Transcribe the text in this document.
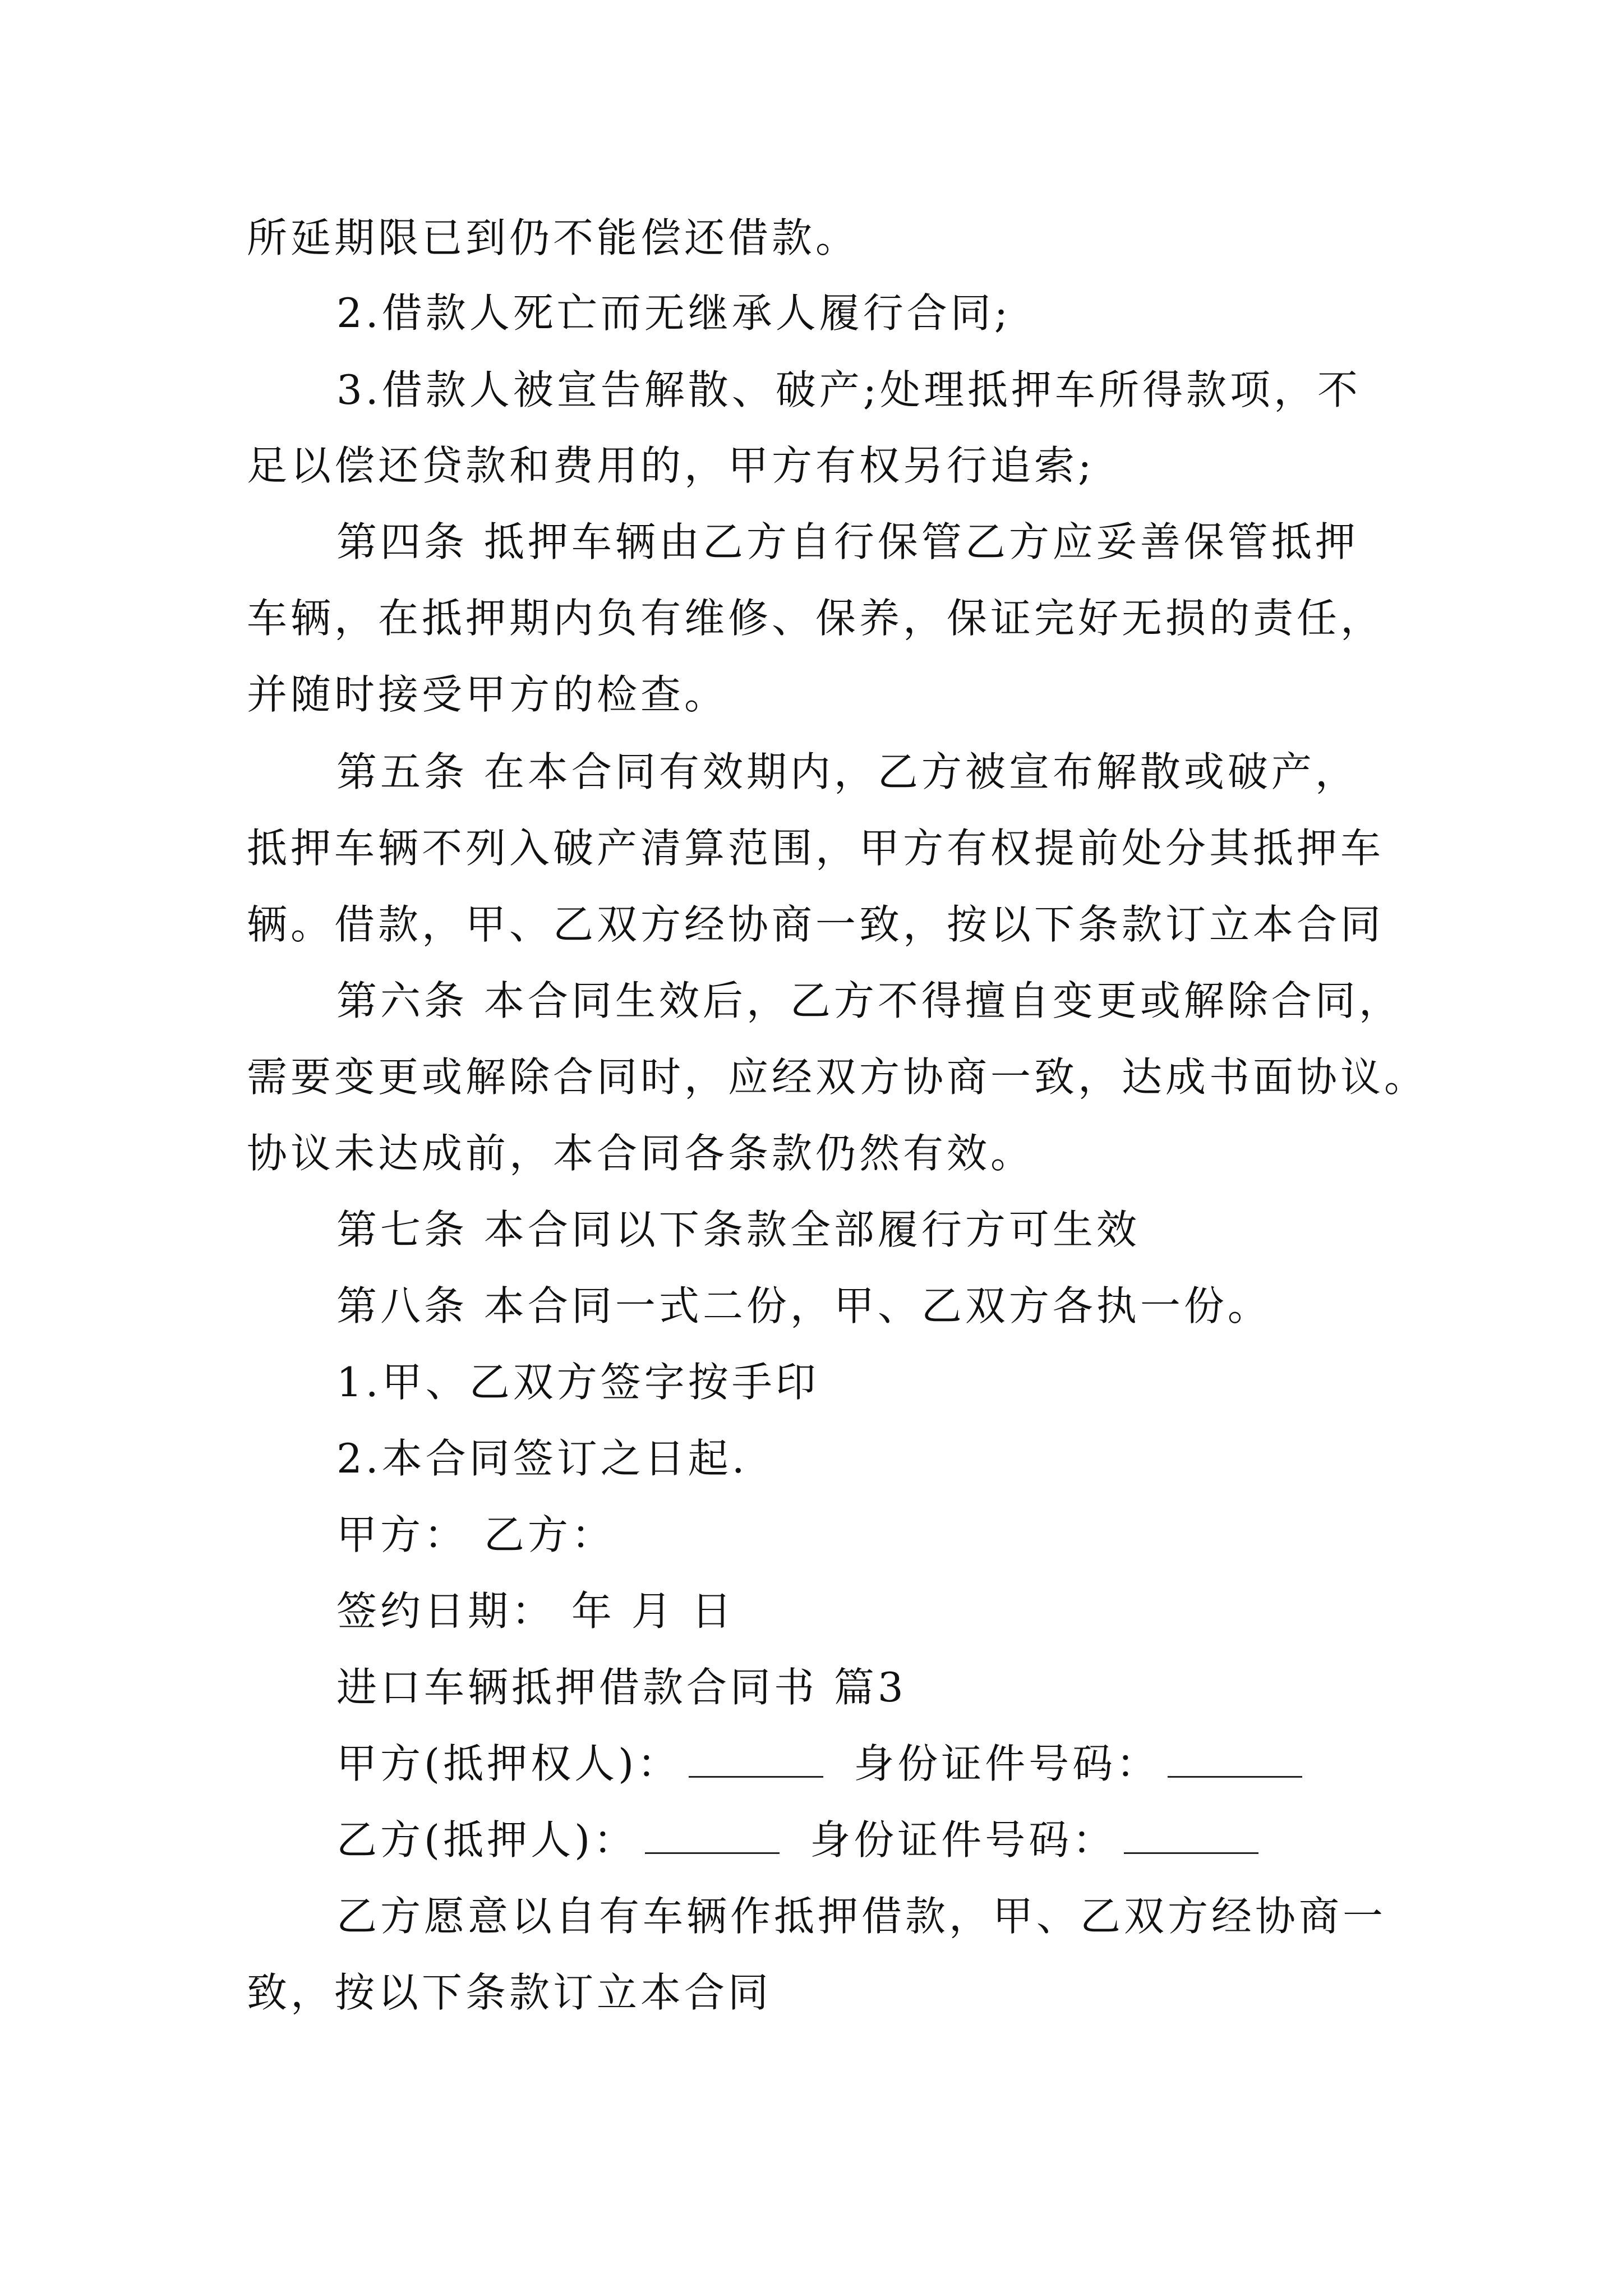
所延期限已到仍不能偿还借款。
2.借款人死亡而无继承人履行合同;
3.借款人被宣告解散、破产;处理抵押车所得款项，不
足以偿还贷款和费用的，甲方有权另行追索;
第四条 抵押车辆由乙方自行保管乙方应妥善保管抵押
车辆，在抵押期内负有维修、保养，保证完好无损的责任，
并随时接受甲方的检查。
第五条 在本合同有效期内，乙方被宣布解散或破产，
抵押车辆不列入破产清算范围，甲方有权提前处分其抵押车
辆。借款，甲、乙双方经协商一致，按以下条款订立本合同
第六条 本合同生效后，乙方不得擅自变更或解除合同，
需要变更或解除合同时，应经双方协商一致，达成书面协议。
协议未达成前，本合同各条款仍然有效。
第七条 本合同以下条款全部履行方可生效
第八条 本合同一式二份，甲、乙双方各执一份。
1.甲、乙双方签字按手印
2.本合同签订之日起.
甲方： 乙方：
签约日期： 年 月 日
进口车辆抵押借款合同书 篇3
甲方(抵押权人)：	身份证件号码：
乙方(抵押人)：	身份证件号码：
乙方愿意以自有车辆作抵押借款，甲、乙双方经协商一
致，按以下条款订立本合同
